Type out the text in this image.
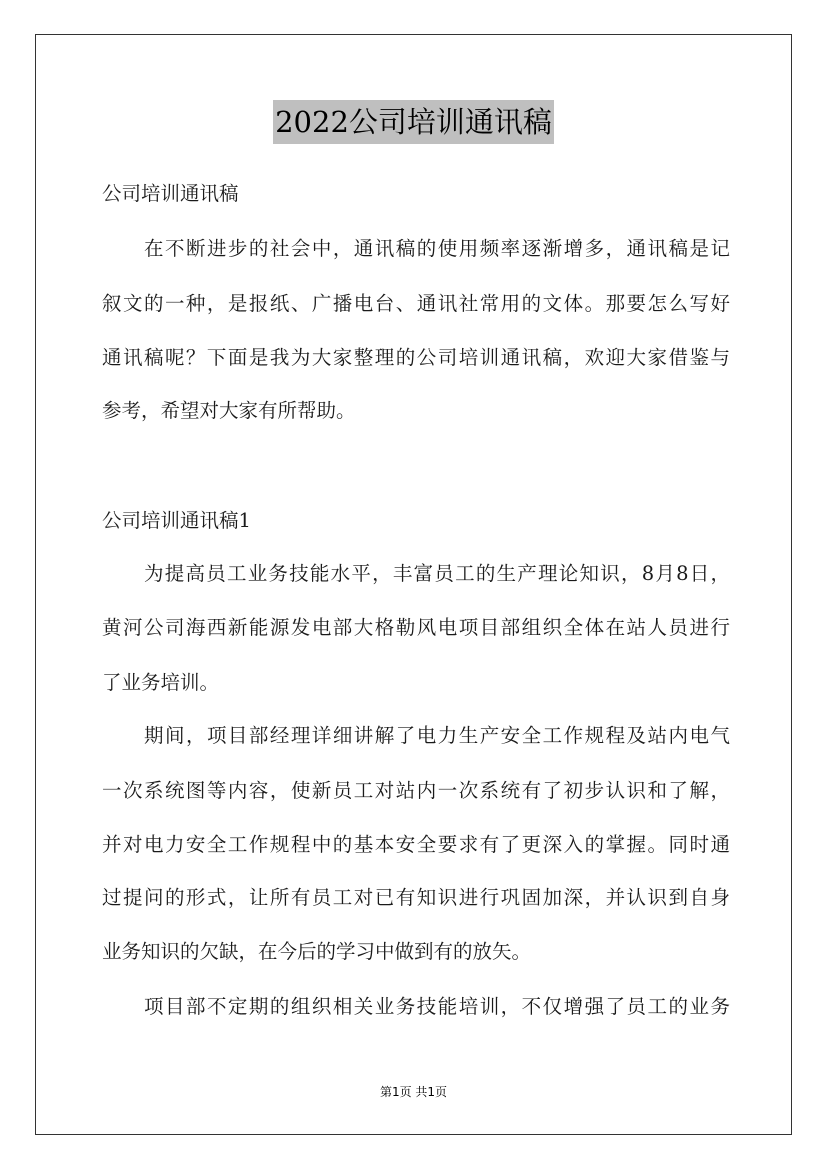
2022公司培训通讯稿
公司培训通讯稿
在不断进步的社会中，通讯稿的使用频率逐渐增多，通讯稿是记
叙文的一种，是报纸、广播电台、通讯社常用的文体。那要怎么写好
通讯稿呢？下面是我为大家整理的公司培训通讯稿，欢迎大家借鉴与
参考，希望对大家有所帮助。
公司培训通讯稿1
为提高员工业务技能水平，丰富员工的生产理论知识，8月8日，
黄河公司海西新能源发电部大格勒风电项目部组织全体在站人员进行
了业务培训。
期间，项目部经理详细讲解了电力生产安全工作规程及站内电气
一次系统图等内容，使新员工对站内一次系统有了初步认识和了解，
并对电力安全工作规程中的基本安全要求有了更深入的掌握。同时通
过提问的形式，让所有员工对已有知识进行巩固加深，并认识到自身
业务知识的欠缺，在今后的学习中做到有的放矢。
项目部不定期的组织相关业务技能培训，不仅增强了员工的业务
第1页 共1页
